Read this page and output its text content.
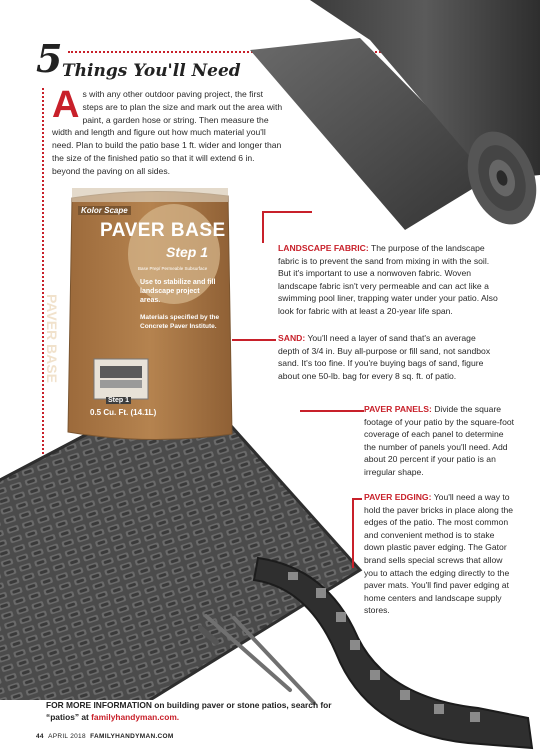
5 Things You'll Need
As with any other outdoor paving project, the first steps are to plan the size and mark out the area with paint, a garden hose or string. Then measure the width and length and figure out how much material you'll need. Plan to build the patio base 1 ft. wider and longer than the size of the finished patio so that it will extend 6 in. beyond the paving on all sides.
Kolor Scape
PAVER BASE
Step 1
Base Prep/ Permeable Subsurface
Use to stabilize and fill landscape project areas.
Materials specified by the Concrete Paver Institute.
PAVER BASE
Step 1
0.5 Cu. Ft. (14.1L)
LANDSCAPE FABRIC: The purpose of the landscape fabric is to prevent the sand from mixing in with the soil. But it's important to use a nonwoven fabric. Woven landscape fabric isn't very permeable and can act like a swimming pool liner, trapping water under your patio. Also look for fabric with at least a 20-year life span.
SAND: You'll need a layer of sand that's an average depth of 3/4 in. Buy all-purpose or fill sand, not sandbox sand. It's too fine. If you're buying bags of sand, figure about one 50-lb. bag for every 8 sq. ft. of patio.
PAVER PANELS: Divide the square footage of your patio by the square-foot coverage of each panel to determine the number of panels you'll need. Add about 20 percent if your patio is an irregular shape.
PAVER EDGING: You'll need a way to hold the paver bricks in place along the edges of the patio. The most common and convenient method is to stake down plastic paver edging. The Gator brand sells special screws that allow you to attach the edging directly to the paver mats. You'll find paver edging at home centers and landscape supply stores.
FOR MORE INFORMATION on building paver or stone patios, search for “patios” at familyhandyman.com.
44 APRIL 2018 FAMILYHANDYMAN.COM
